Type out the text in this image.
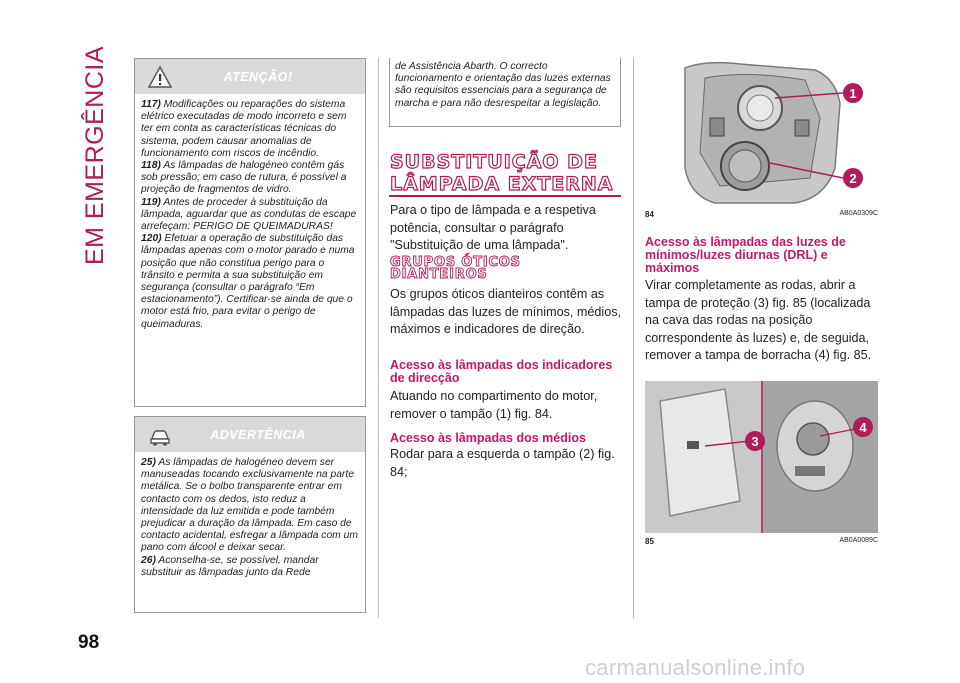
EM EMERGÊNCIA
98
ATENÇÃO!

117) Modificações ou reparações do sistema elétrico executadas de modo incorreto e sem ter em conta as características técnicas do sistema, podem causar anomalias de funcionamento com riscos de incêndio.

118) As lâmpadas de halogéneo contêm gás sob pressão; em caso de rutura, é possível a projeção de fragmentos de vidro.

119) Antes de proceder à substituição da lâmpada, aguardar que as condutas de escape arrefeçam: PERIGO DE QUEIMADURAS!

120) Efetuar a operação de substituição das lâmpadas apenas com o motor parado e numa posição que não constitua perigo para o trânsito e permita a sua substituição em segurança (consultar o parágrafo “Em estacionamento”). Certificar-se ainda de que o motor está frio, para evitar o perigo de queimaduras.

ADVERTÊNCIA

25) As lâmpadas de halogéneo devem ser manuseadas tocando exclusivamente na parte metálica. Se o bolbo transparente entrar em contacto com os dedos, isto reduz a intensidade da luz emitida e pode também prejudicar a duração da lâmpada. Em caso de contacto acidental, esfregar a lâmpada com um pano com álcool e deixar secar.

26) Aconselha-se, se possível, mandar substituir as lâmpadas junto da Rede

de Assistência Abarth. O correcto funcionamento e orientação das luzes externas são requisitos essenciais para a segurança de marcha e para não desrespeitar a legislação.
SUBSTITUIÇÃO DE LÂMPADA EXTERNA
Para o tipo de lâmpada e a respetiva potência, consultar o parágrafo "Substituição de uma lâmpada".
GRUPOS ÓTICOS DIANTEIROS
Os grupos óticos dianteiros contêm as lâmpadas das luzes de mínimos, médios, máximos e indicadores de direção.
Acesso às lâmpadas dos indicadores de direcção
Atuando no compartimento do motor, remover o tampão (1) fig. 84.
Acesso às lâmpadas dos médios
Rodar para a esquerda o tampão (2) fig. 84;
1
2
84	AB0A0309C
Acesso às lâmpadas das luzes de mínimos/luzes diurnas (DRL) e máximos
Virar completamente as rodas, abrir a tampa de proteção (3) fig. 85 (localizada na cava das rodas na posição correspondente às luzes) e, de seguida, remover a tampa de borracha (4) fig. 85.
3
4
85	AB0A0089C
carmanualsonline.info
